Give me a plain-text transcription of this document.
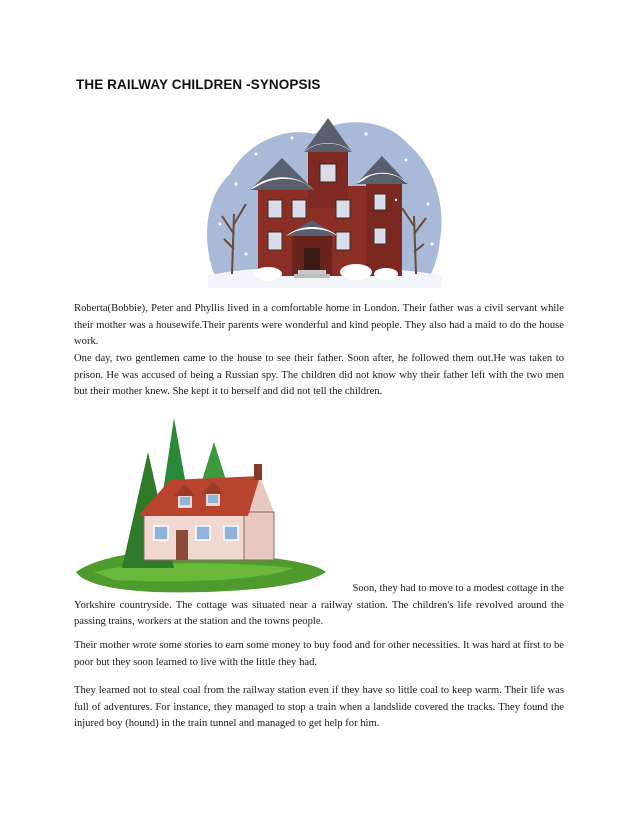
THE RAILWAY CHILDREN -SYNOPSIS

Roberta(Bobbie), Peter and Phyllis lived in a comfortable home in London. Their father was a civil servant while their mother was a housewife.Their parents were wonderful and kind people. They also had a maid to do the house work.

One day, two gentlemen came to the house to see their father. Soon after, he followed them out.He was taken to prison. He was accused of being a Russian spy. The children did not know why their father left with the two men but their mother knew. She kept it to herself and did not tell the children.

Soon, they had to move to a modest cottage in the
Yorkshire countryside. The cottage was situated near a railway station. The children's life revolved around the passing trains, workers at the station and the towns people.

Their mother wrote some stories to earn some money to buy food and for other necessities. It was hard at first to be poor but they soon learned to live with the little they had.

They learned not to steal coal from the railway station even if they have so little coal to keep warm. Their life was full of adventures. For instance, they managed to stop a train when a landslide covered the tracks. They found the injured boy (hound) in the train tunnel and managed to get help for him.
